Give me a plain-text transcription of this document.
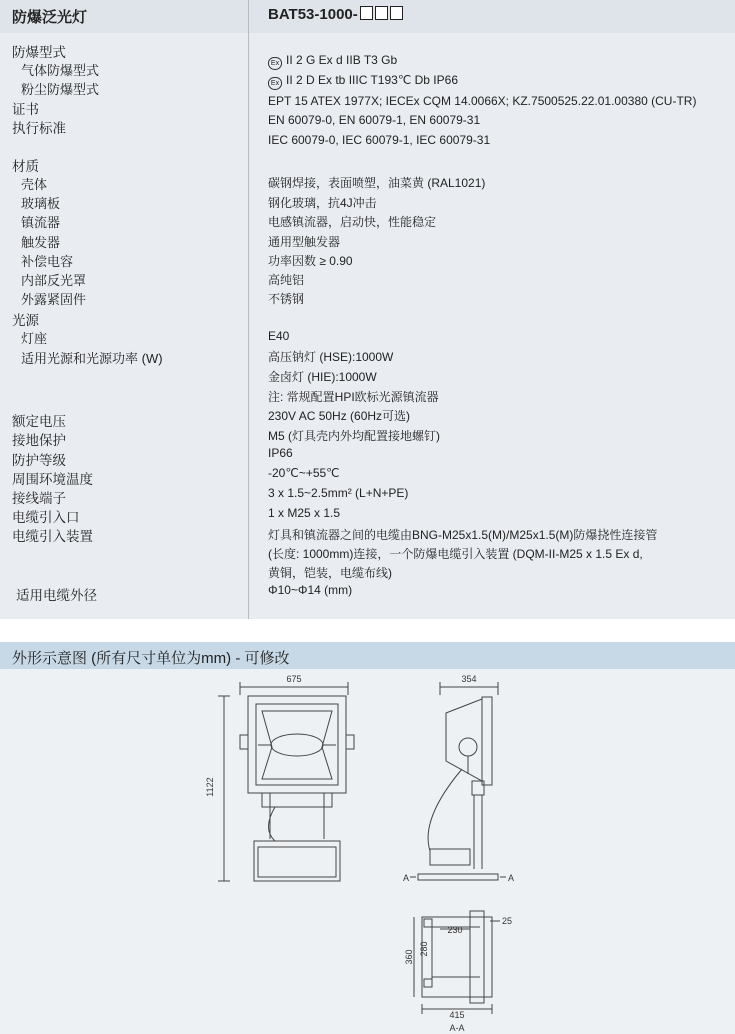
防爆泛光灯	BAT53-1000-
防爆型式
气体防爆型式
粉尘防爆型式
证书
执行标准
材质
壳体
玻璃板
镇流器
触发器
补偿电容
内部反光罩
外露紧固件
光源
灯座
适用光源和光源功率 (W)
额定电压
接地保护
防护等级
周围环境温度
接线端子
电缆引入口
电缆引入装置
适用电缆外径
Ex II 2 G Ex d IIB T3 Gb
Ex II 2 D Ex tb IIIC T193℃ Db IP66
EPT 15 ATEX 1977X; IECEx CQM 14.0066X; KZ.7500525.22.01.00380 (CU-TR)
EN 60079-0, EN 60079-1, EN 60079-31
IEC 60079-0, IEC 60079-1, IEC 60079-31
碳钢焊接，表面喷塑，油菜黄 (RAL1021)
钢化玻璃，抗4J冲击
电感镇流器，启动快，性能稳定
通用型触发器
功率因数 ≥ 0.90
高纯铝
不锈钢
E40
高压钠灯 (HSE):1000W
金卤灯 (HIE):1000W
注: 常规配置HPI欧标光源镇流器
230V AC 50Hz (60Hz可选)
M5 (灯具壳内外均配置接地螺钉)
IP66
-20℃~+55℃
3 x 1.5~2.5mm² (L+N+PE)
1 x M25 x 1.5
灯具和镇流器之间的电缆由BNG-M25x1.5(M)/M25x1.5(M)防爆挠性连接管
(长度: 1000mm)连接，一个防爆电缆引入装置 (DQM-II-M25 x 1.5 Ex d,
黄铜，铠装，电缆布线)
Φ10~Φ14 (mm)
外形示意图 (所有尺寸单位为mm) - 可修改
675
1122
354
A	A
415
230
25
360
280
A-A
